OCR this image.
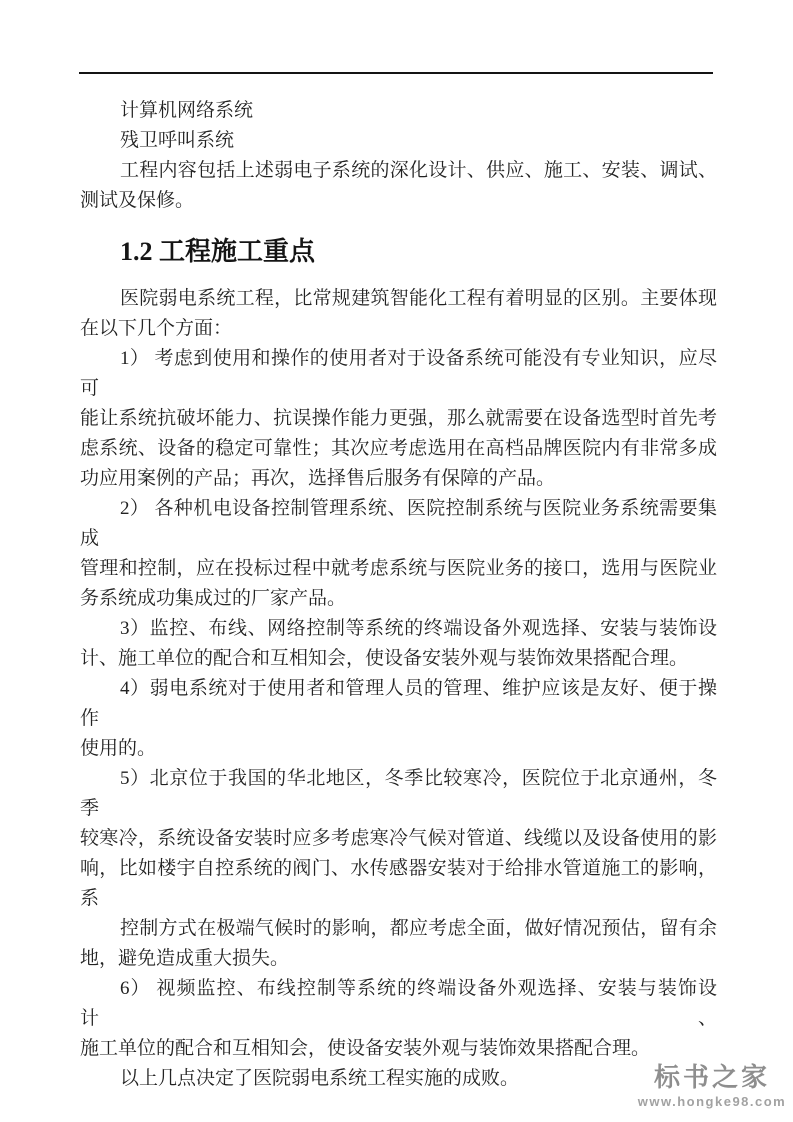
计算机网络系统
残卫呼叫系统
工程内容包括上述弱电子系统的深化设计、供应、施工、安装、调试、
测试及保修。
1.2 工程施工重点
医院弱电系统工程，比常规建筑智能化工程有着明显的区别。主要体现
在以下几个方面：
1） 考虑到使用和操作的使用者对于设备系统可能没有专业知识，应尽可
能让系统抗破坏能力、抗误操作能力更强，那么就需要在设备选型时首先考
虑系统、设备的稳定可靠性；其次应考虑选用在高档品牌医院内有非常多成
功应用案例的产品；再次，选择售后服务有保障的产品。
2） 各种机电设备控制管理系统、医院控制系统与医院业务系统需要集成
管理和控制，应在投标过程中就考虑系统与医院业务的接口，选用与医院业
务系统成功集成过的厂家产品。
3）监控、布线、网络控制等系统的终端设备外观选择、安装与装饰设
计、施工单位的配合和互相知会，使设备安装外观与装饰效果搭配合理。
4）弱电系统对于使用者和管理人员的管理、维护应该是友好、便于操作
使用的。
5）北京位于我国的华北地区，冬季比较寒冷，医院位于北京通州，冬季
较寒冷，系统设备安装时应多考虑寒冷气候对管道、线缆以及设备使用的影
响，比如楼宇自控系统的阀门、水传感器安装对于给排水管道施工的影响，
系
控制方式在极端气候时的影响，都应考虑全面，做好情况预估，留有余
地，避免造成重大损失。
6） 视频监控、布线控制等系统的终端设备外观选择、安装与装饰设计、
施工单位的配合和互相知会，使设备安装外观与装饰效果搭配合理。
以上几点决定了医院弱电系统工程实施的成败。	标书之家
www.hongke98.com
